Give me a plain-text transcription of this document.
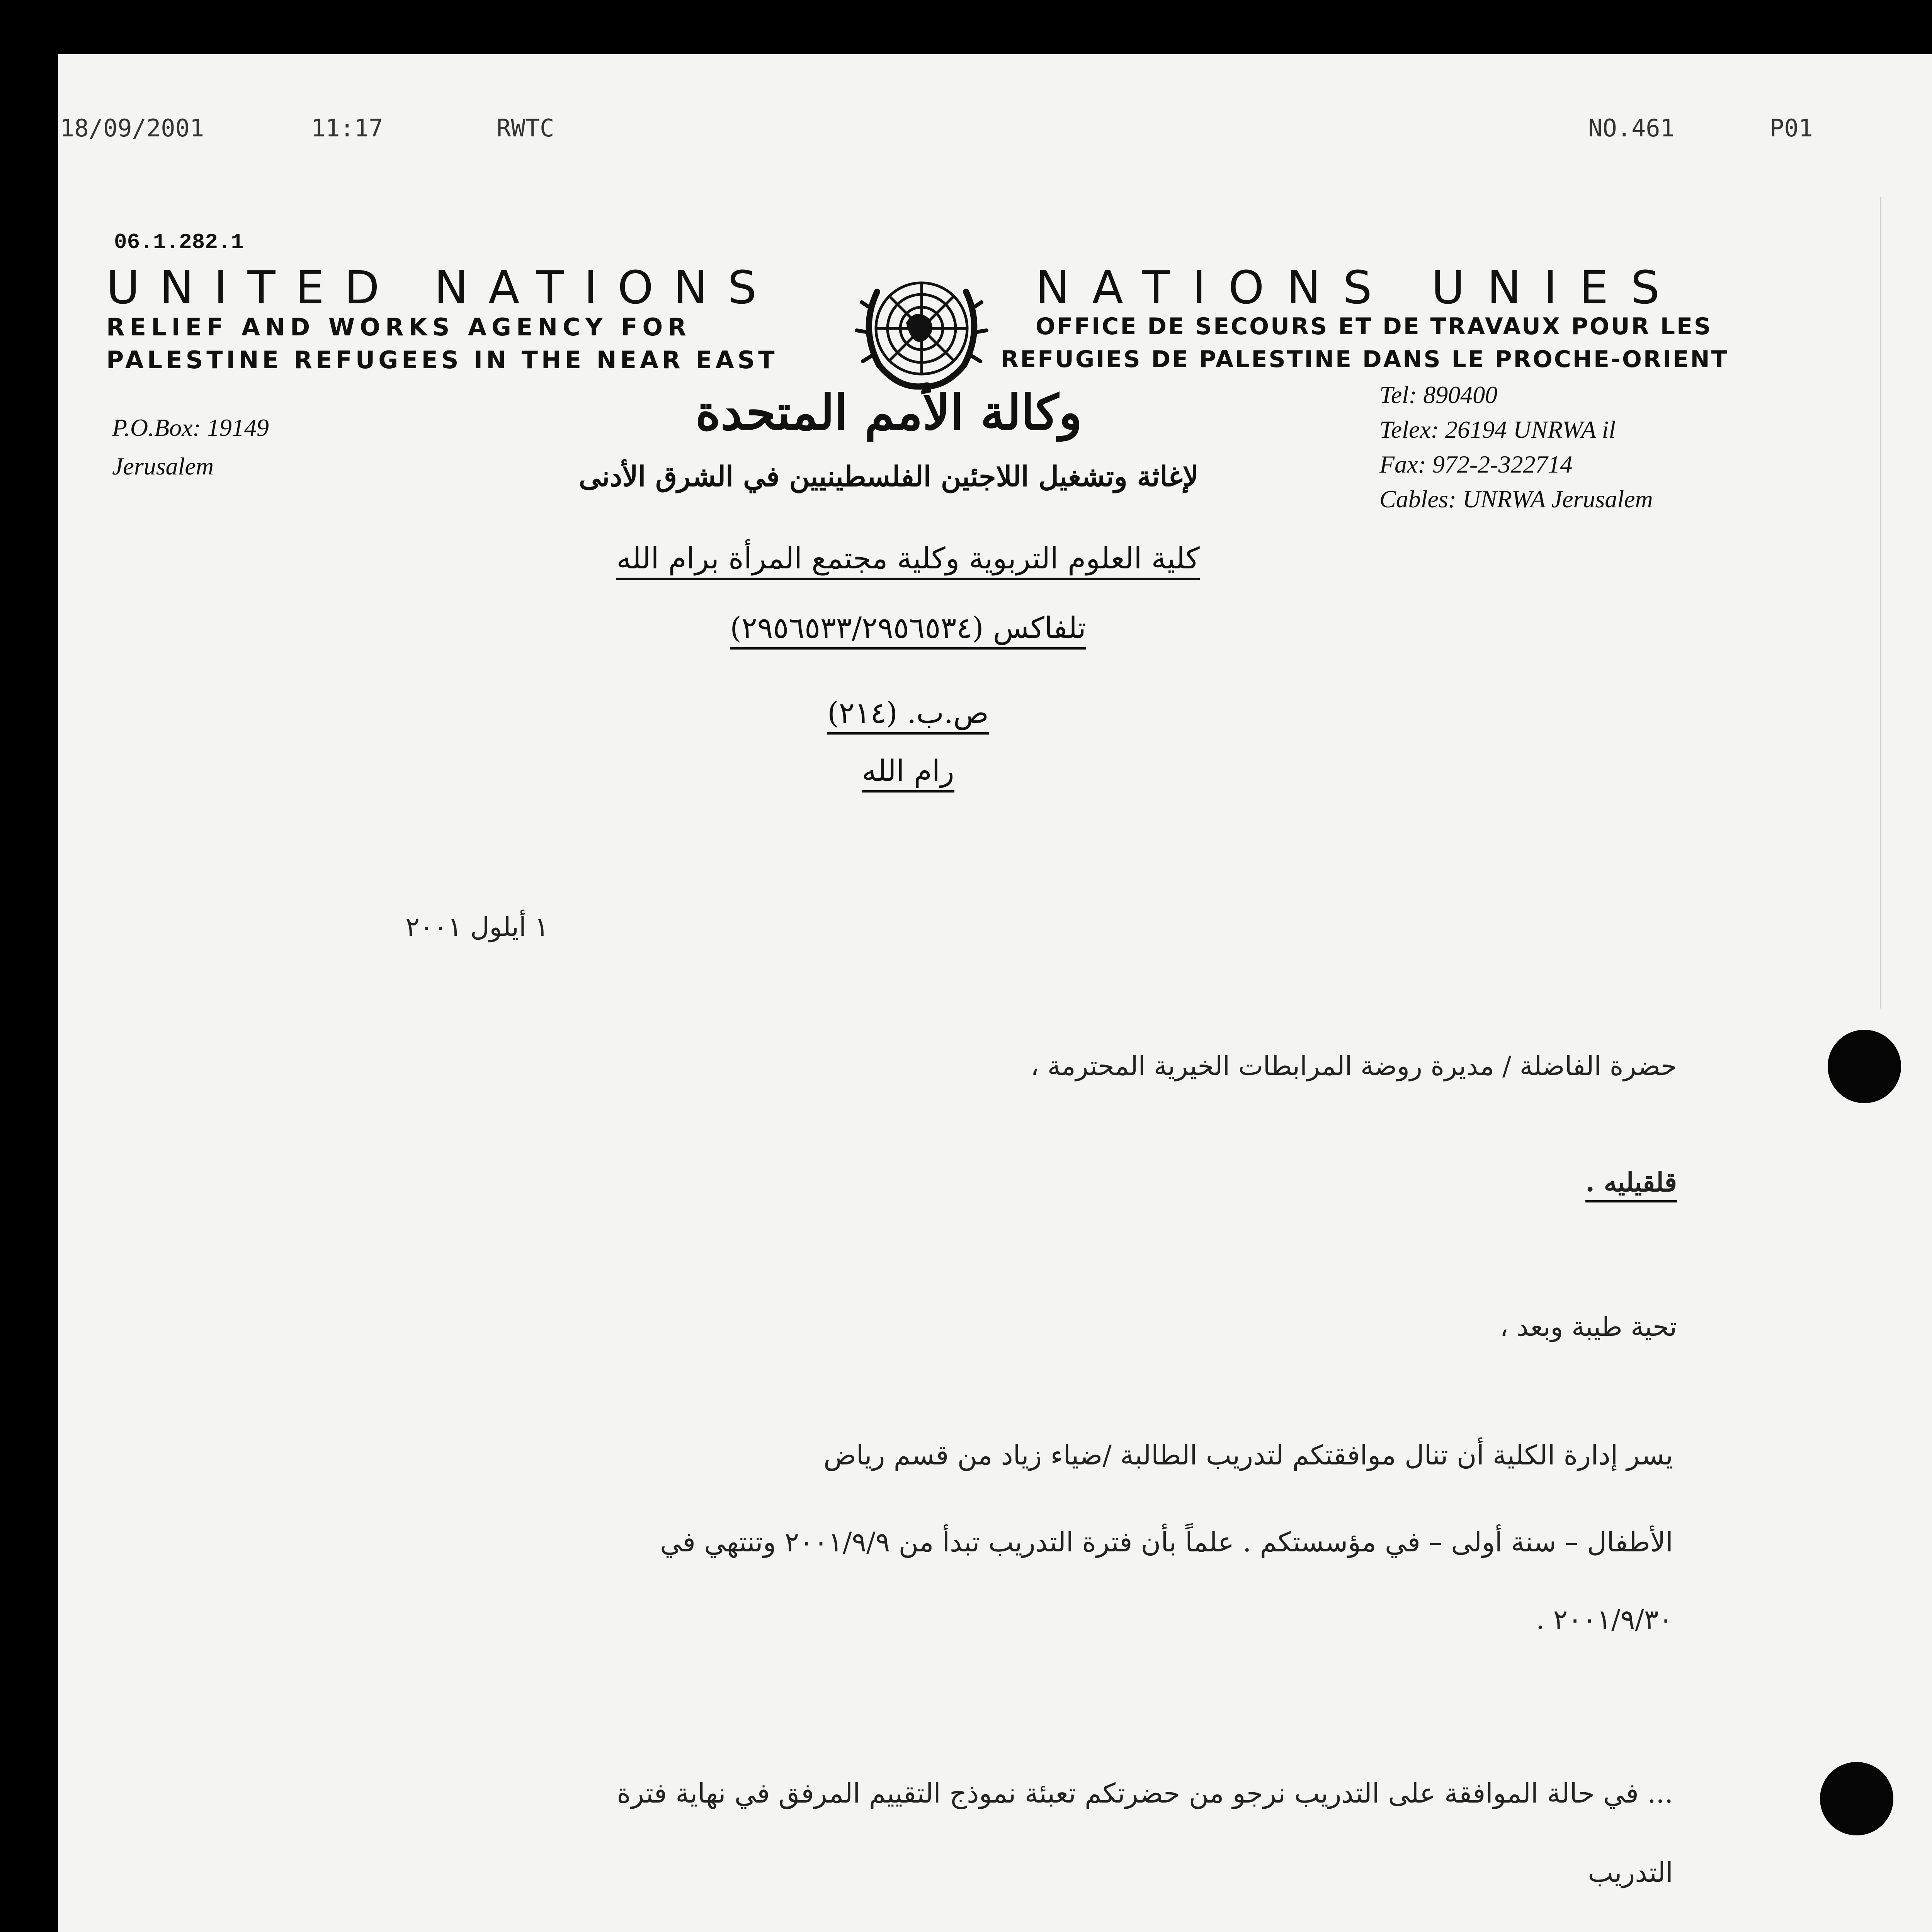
18/09/2001	11:17	RWTC	NO.461	P01
06.1.282.1
UNITED NATIONS
RELIEF AND WORKS AGENCY FOR
PALESTINE REFUGEES IN THE NEAR EAST
NATIONS UNIES
OFFICE DE SECOURS ET DE TRAVAUX POUR LES
REFUGIES DE PALESTINE DANS LE PROCHE-ORIENT
وكالة الأمم المتحدة
لإغاثة وتشغيل اللاجئين الفلسطينيين في الشرق الأدنى
P.O.Box: 19149
Jerusalem
Tel: 890400
Telex: 26194 UNRWA il
Fax: 972-2-322714
Cables: UNRWA Jerusalem
كلية العلوم التربوية وكلية مجتمع المرأة برام الله
تلفاكس (٢٩٥٦٥٣٣/٢٩٥٦٥٣٤)
ص.ب. (٢١٤)
رام الله
١ أيلول ٢٠٠١
حضرة الفاضلة / مديرة روضة المرابطات الخيرية المحترمة ،
قلقيليه .
تحية طيبة وبعد ،
يسر إدارة الكلية أن تنال موافقتكم لتدريب الطالبة /ضياء زياد من قسم رياض
الأطفال – سنة أولى – في مؤسستكم . علماً بأن فترة التدريب تبدأ من ٢٠٠١/٩/٩ وتنتهي في
٢٠٠١/٩/٣٠ .
... في حالة الموافقة على التدريب نرجو من حضرتكم تعبئة نموذج التقييم المرفق في نهاية فترة
التدريب
